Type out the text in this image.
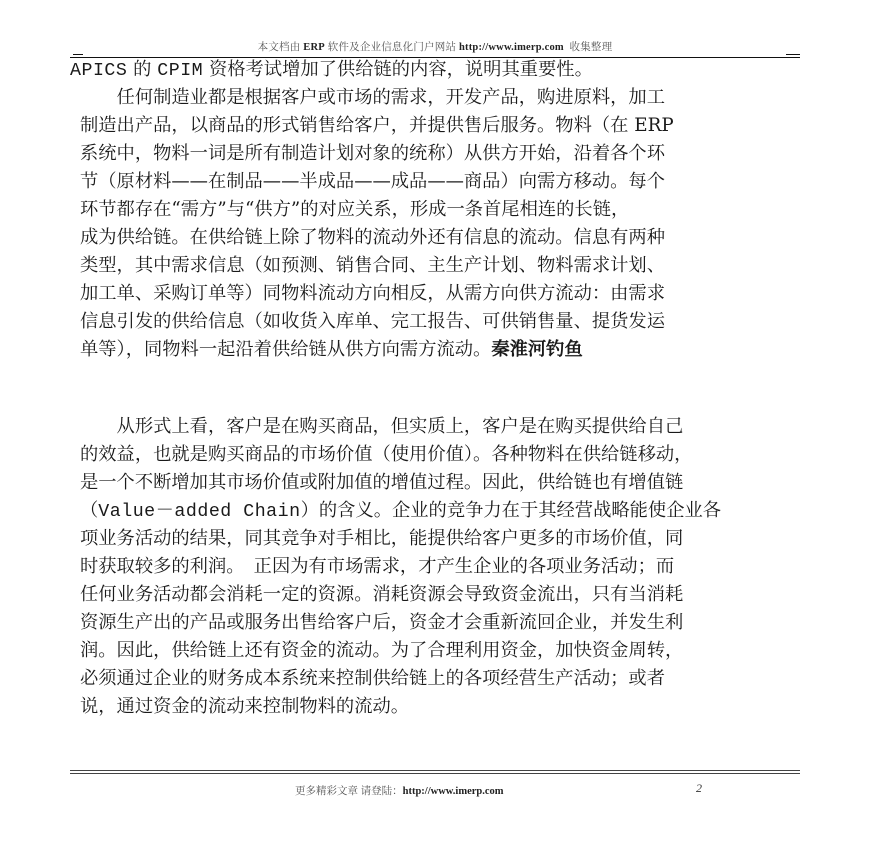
本文档由 ERP 软件及企业信息化门户网站 http://www.imerp.com 收集整理
APICS 的 CPIM 资格考试增加了供给链的内容，说明其重要性。
　　任何制造业都是根据客户或市场的需求，开发产品，购进原料，加工
制造出产品，以商品的形式销售给客户，并提供售后服务。物料（在 ERP
系统中，物料一词是所有制造计划对象的统称）从供方开始，沿着各个环
节（原材料——在制品——半成品——成品——商品）向需方移动。每个
环节都存在“需方”与“供方”的对应关系，形成一条首尾相连的长链，
成为供给链。在供给链上除了物料的流动外还有信息的流动。信息有两种
类型，其中需求信息（如预测、销售合同、主生产计划、物料需求计划、
加工单、采购订单等）同物料流动方向相反，从需方向供方流动：由需求
信息引发的供给信息（如收货入库单、完工报告、可供销售量、提货发运
单等），同物料一起沿着供给链从供方向需方流动。秦淮河钓鱼
　　从形式上看，客户是在购买商品，但实质上，客户是在购买提供给自己
的效益，也就是购买商品的市场价值（使用价值）。各种物料在供给链移动，
是一个不断增加其市场价值或附加值的增值过程。因此，供给链也有增值链
（Value－added Chain）的含义。企业的竞争力在于其经营战略能使企业各
项业务活动的结果，同其竞争对手相比，能提供给客户更多的市场价值，同
时获取较多的利润。　正因为有市场需求，才产生企业的各项业务活动；而
任何业务活动都会消耗一定的资源。消耗资源会导致资金流出，只有当消耗
资源生产出的产品或服务出售给客户后，资金才会重新流回企业，并发生利
润。因此，供给链上还有资金的流动。为了合理利用资金，加快资金周转，
必须通过企业的财务成本系统来控制供给链上的各项经营生产活动；或者
说，通过资金的流动来控制物料的流动。
更多精彩文章 请登陆：http://www.imerp.com	2
